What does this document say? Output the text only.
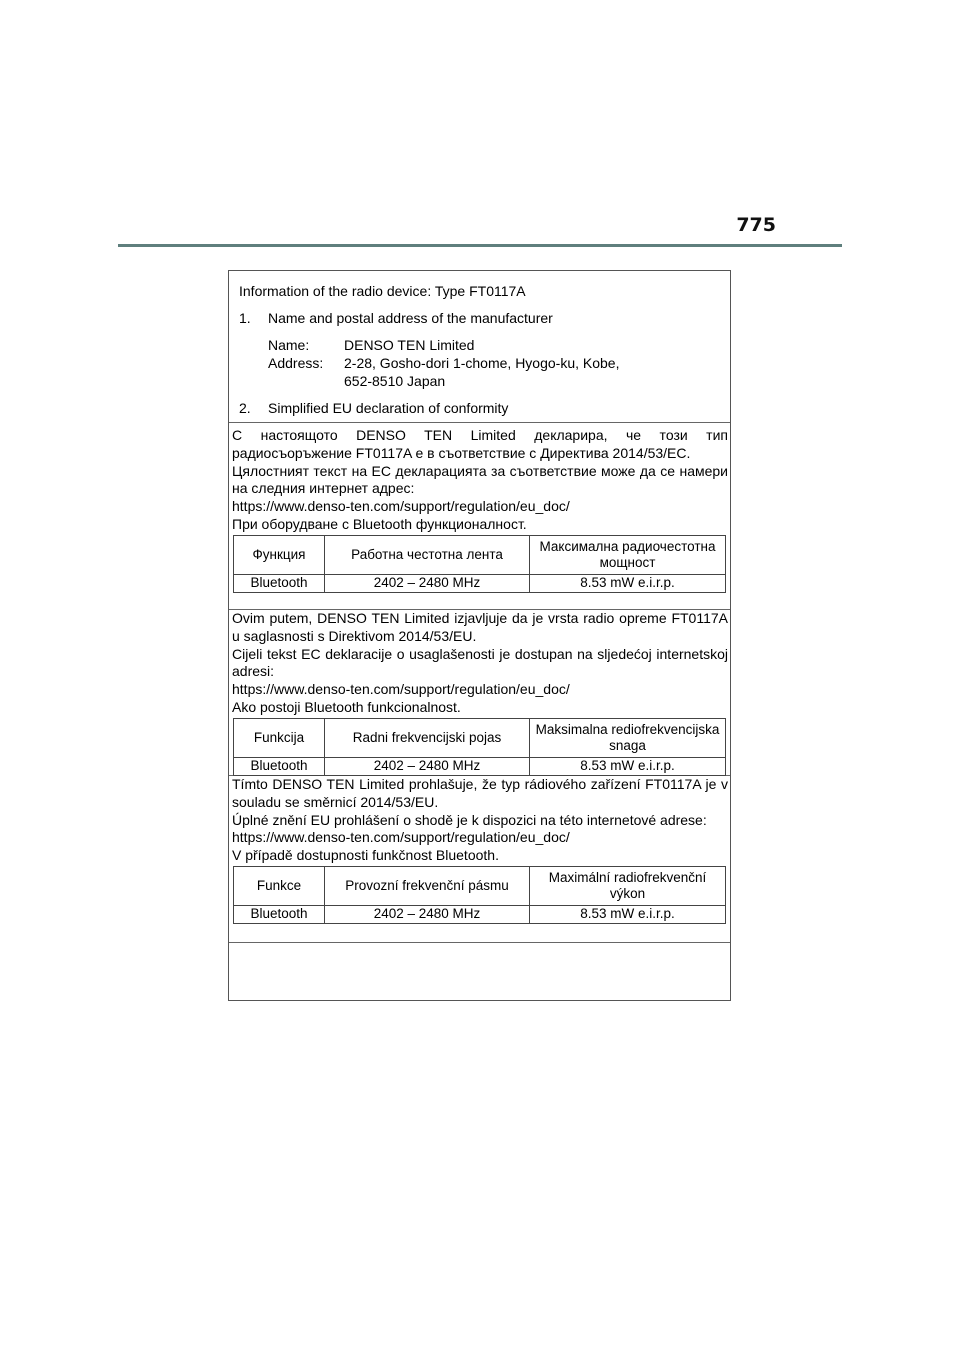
775
Information of the radio device: Type FT0117A
1. Name and postal address of the manufacturer
Name: DENSO TEN Limited
Address: 2-28, Gosho-dori 1-chome, Hyogo-ku, Kobe,
652-8510 Japan
2. Simplified EU declaration of conformity

С настоящото DENSO TEN Limited декларира, че този тип радиосъоръжение FT0117A е в съответствие с Директива 2014/53/ЕС.

Цялостният текст на ЕС декларацията за съответствие може да се намери на следния интернет адрес:

https://www.denso-ten.com/support/regulation/eu_doc/

При оборудване с Bluetooth функционалност.

Функция	Работна честотна лента	Максимална радиочестотна мощност
Bluetooth	2402 – 2480 MHz	8.53 mW e.i.r.p.

Ovim putem, DENSO TEN Limited izjavljuje da je vrsta radio opreme FT0117A u saglasnosti s Direktivom 2014/53/EU.

Cijeli tekst EC deklaracije o usaglašenosti je dostupan na sljedećoj internetskoj adresi:

https://www.denso-ten.com/support/regulation/eu_doc/

Ako postoji Bluetooth funkcionalnost.

Funkcija	Radni frekvencijski pojas	Maksimalna rediofrekvencijska snaga
Bluetooth	2402 – 2480 MHz	8.53 mW e.i.r.p.

Tímto DENSO TEN Limited prohlašuje, že typ rádiového zařízení FT0117A je v souladu se směrnicí 2014/53/EU.

Úplné znění EU prohlášení o shodě je k dispozici na této internetové adrese:

https://www.denso-ten.com/support/regulation/eu_doc/

V případě dostupnosti funkčnost Bluetooth.

Funkce	Provozní frekvenční pásmu	Maximální radiofrekvenční výkon
Bluetooth	2402 – 2480 MHz	8.53 mW e.i.r.p.
